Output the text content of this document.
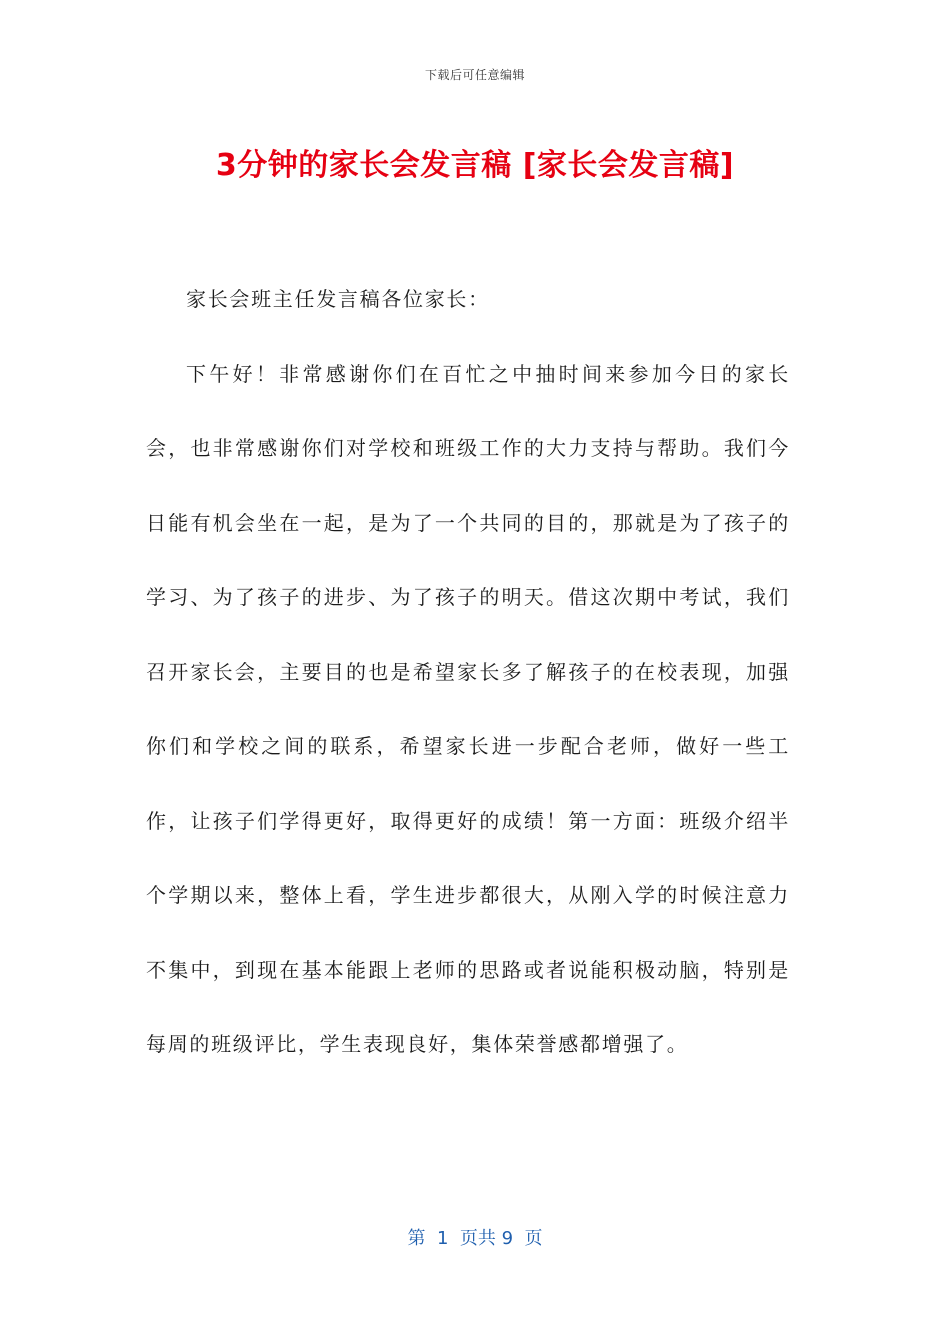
下载后可任意编辑
3分钟的家长会发言稿 [家长会发言稿]

家长会班主任发言稿各位家长：

下午好！非常感谢你们在百忙之中抽时间来参加今日的家长会，也非常感谢你们对学校和班级工作的大力支持与帮助。我们今日能有机会坐在一起，是为了一个共同的目的，那就是为了孩子的学习、为了孩子的进步、为了孩子的明天。借这次期中考试，我们召开家长会，主要目的也是希望家长多了解孩子的在校表现，加强你们和学校之间的联系，希望家长进一步配合老师，做好一些工作，让孩子们学得更好，取得更好的成绩！第一方面：班级介绍半个学期以来，整体上看，学生进步都很大，从刚入学的时候注意力不集中，到现在基本能跟上老师的思路或者说能积极动脑，特别是每周的班级评比，学生表现良好，集体荣誉感都增强了。

第  1  页共 9  页
